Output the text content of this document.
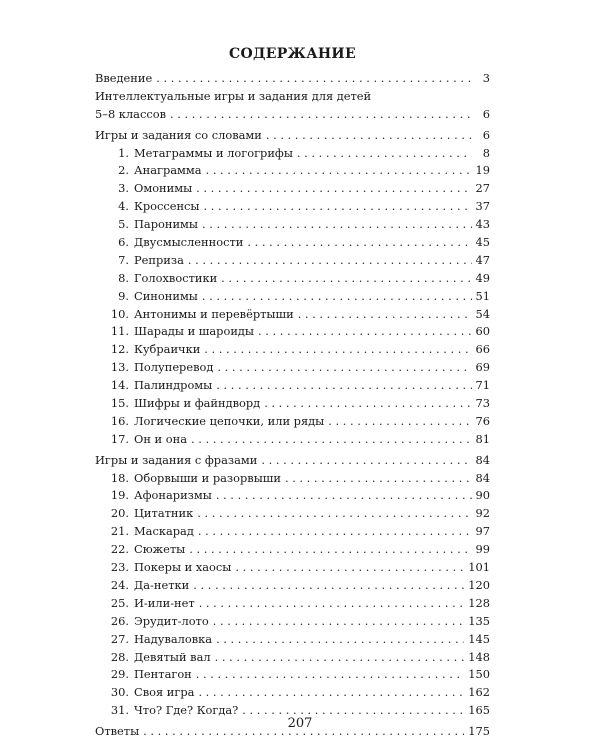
СОДЕРЖАНИЕ
Введение . . .	3
Интеллектуальные игры и задания для детей
5–8 классов . . .	6
Игры и задания со словами . . .	6
1. Метаграммы и логогрифы . . .	8
2. Анаграмма . . .	19
3. Омонимы . . .	27
4. Кроссенсы . . .	37
5. Паронимы . . .	43
6. Двусмысленности . . .	45
7. Реприза . . .	47
8. Голохвостики . . .	49
9. Синонимы . . .	51
10. Антонимы и перевёртыши . . .	54
11. Шарады и шароиды . . .	60
12. Кубраички . . .	66
13. Полуперевод . . .	69
14. Палиндромы . . .	71
15. Шифры и файндворд . . .	73
16. Логические цепочки, или ряды . . .	76
17. Он и она . . .	81
Игры и задания с фразами . . .	84
18. Оборвыши и разорвыши . . .	84
19. Афонаризмы . . .	90
20. Цитатник . . .	92
21. Маскарад . . .	97
22. Сюжеты . . .	99
23. Покеры и хаосы . . .	101
24. Да-нетки . . .	120
25. И-или-нет . . .	128
26. Эрудит-лото . . .	135
27. Надуваловка . . .	145
28. Девятый вал . . .	148
29. Пентагон . . .	150
30. Своя игра . . .	162
31. Что? Где? Когда? . . .	165
Ответы . . .	175
207
